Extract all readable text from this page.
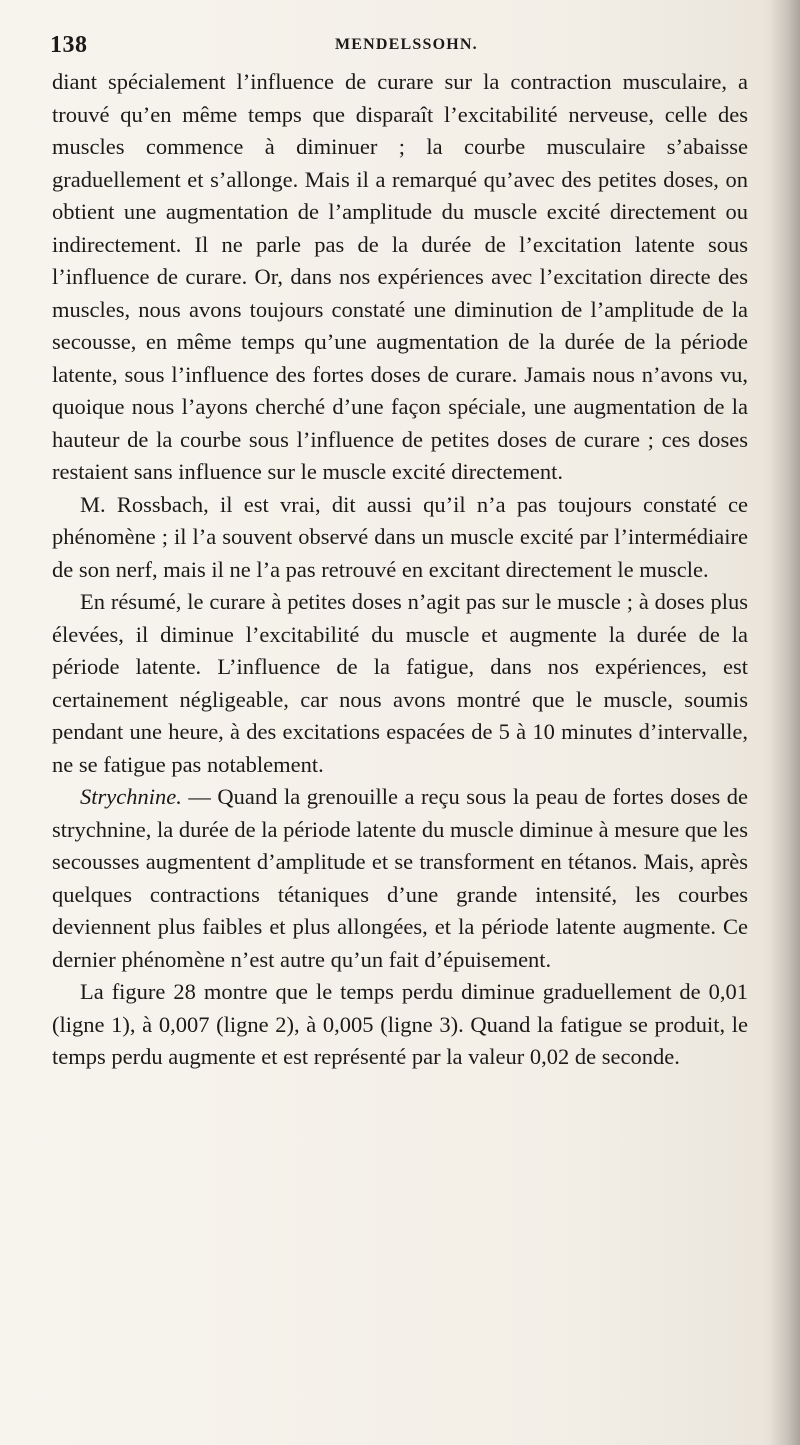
138	MENDELSSOHN.

diant spécialement l’influence de curare sur la contraction musculaire, a trouvé qu’en même temps que disparaît l’excitabilité nerveuse, celle des muscles commence à diminuer ; la courbe musculaire s’abaisse graduellement et s’allonge. Mais il a remarqué qu’avec des petites doses, on obtient une augmentation de l’amplitude du muscle excité directement ou indirectement. Il ne parle pas de la durée de l’excitation latente sous l’influence de curare. Or, dans nos expériences avec l’excitation directe des muscles, nous avons toujours constaté une diminution de l’amplitude de la secousse, en même temps qu’une augmentation de la durée de la période latente, sous l’influence des fortes doses de curare. Jamais nous n’avons vu, quoique nous l’ayons cherché d’une façon spéciale, une augmentation de la hauteur de la courbe sous l’influence de petites doses de curare ; ces doses restaient sans influence sur le muscle excité directement.

M. Rossbach, il est vrai, dit aussi qu’il n’a pas toujours constaté ce phénomène ; il l’a souvent observé dans un muscle excité par l’intermédiaire de son nerf, mais il ne l’a pas retrouvé en excitant directement le muscle.

En résumé, le curare à petites doses n’agit pas sur le muscle ; à doses plus élevées, il diminue l’excitabilité du muscle et augmente la durée de la période latente. L’influence de la fatigue, dans nos expériences, est certainement négligeable, car nous avons montré que le muscle, soumis pendant une heure, à des excitations espacées de 5 à 10 minutes d’intervalle, ne se fatigue pas notablement.

Strychnine. — Quand la grenouille a reçu sous la peau de fortes doses de strychnine, la durée de la période latente du muscle diminue à mesure que les secousses augmentent d’amplitude et se transforment en tétanos. Mais, après quelques contractions tétaniques d’une grande intensité, les courbes deviennent plus faibles et plus allongées, et la période latente augmente. Ce dernier phénomène n’est autre qu’un fait d’épuisement.

La figure 28 montre que le temps perdu diminue graduellement de 0,01 (ligne 1), à 0,007 (ligne 2), à 0,005 (ligne 3). Quand la fatigue se produit, le temps perdu augmente et est représenté par la valeur 0,02 de seconde.
